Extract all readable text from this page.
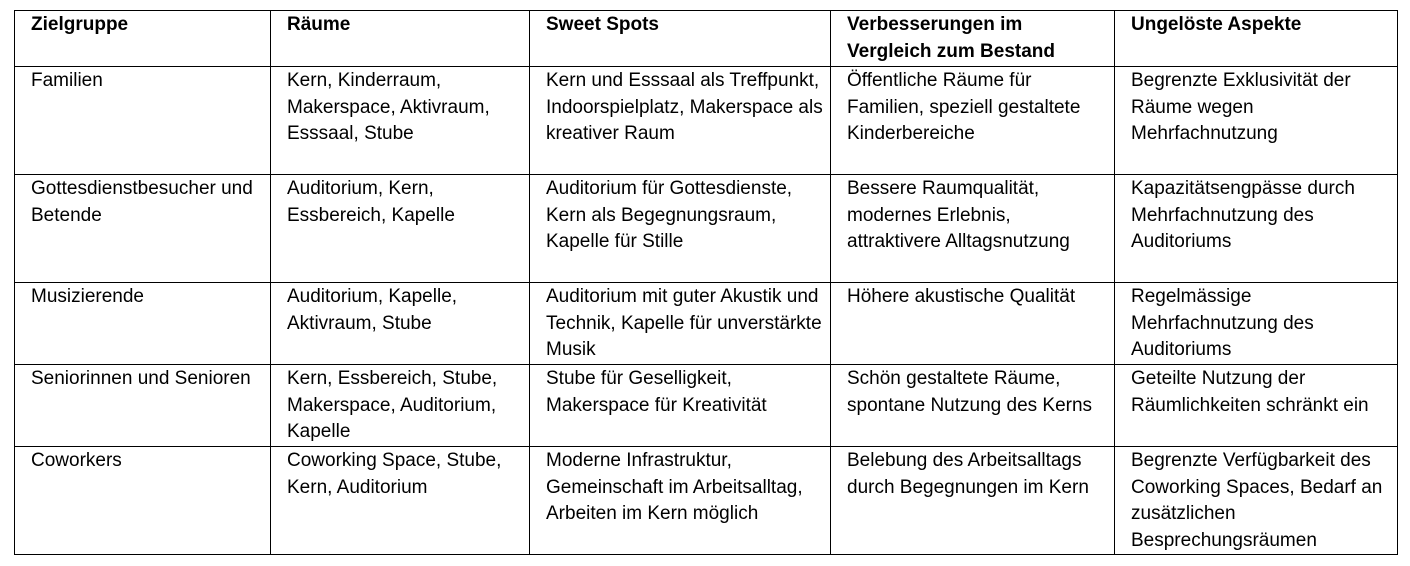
Zielgruppe	Räume	Sweet Spots	Verbesserungen im Vergleich zum Bestand	Ungelöste Aspekte
Familien	Kern, Kinderraum, Makerspace, Aktivraum, Esssaal, Stube	Kern und Esssaal als Treffpunkt, Indoorspielplatz, Makerspace als kreativer Raum	Öffentliche Räume für Familien, speziell gestaltete Kinderbereiche	Begrenzte Exklusivität der Räume wegen Mehrfachnutzung
Gottesdienstbesucher und Betende	Auditorium, Kern, Essbereich, Kapelle	Auditorium für Gottesdienste, Kern als Begegnungsraum, Kapelle für Stille	Bessere Raumqualität, modernes Erlebnis, attraktivere Alltagsnutzung	Kapazitätsengpässe durch Mehrfachnutzung des Auditoriums
Musizierende	Auditorium, Kapelle, Aktivraum, Stube	Auditorium mit guter Akustik und Technik, Kapelle für unverstärkte Musik	Höhere akustische Qualität	Regelmässige Mehrfachnutzung des Auditoriums
Seniorinnen und Senioren	Kern, Essbereich, Stube, Makerspace, Auditorium, Kapelle	Stube für Geselligkeit, Makerspace für Kreativität	Schön gestaltete Räume, spontane Nutzung des Kerns	Geteilte Nutzung der Räumlichkeiten schränkt ein
Coworkers	Coworking Space, Stube, Kern, Auditorium	Moderne Infrastruktur, Gemeinschaft im Arbeitsalltag, Arbeiten im Kern möglich	Belebung des Arbeitsalltags durch Begegnungen im Kern	Begrenzte Verfügbarkeit des Coworking Spaces, Bedarf an zusätzlichen Besprechungsräumen
